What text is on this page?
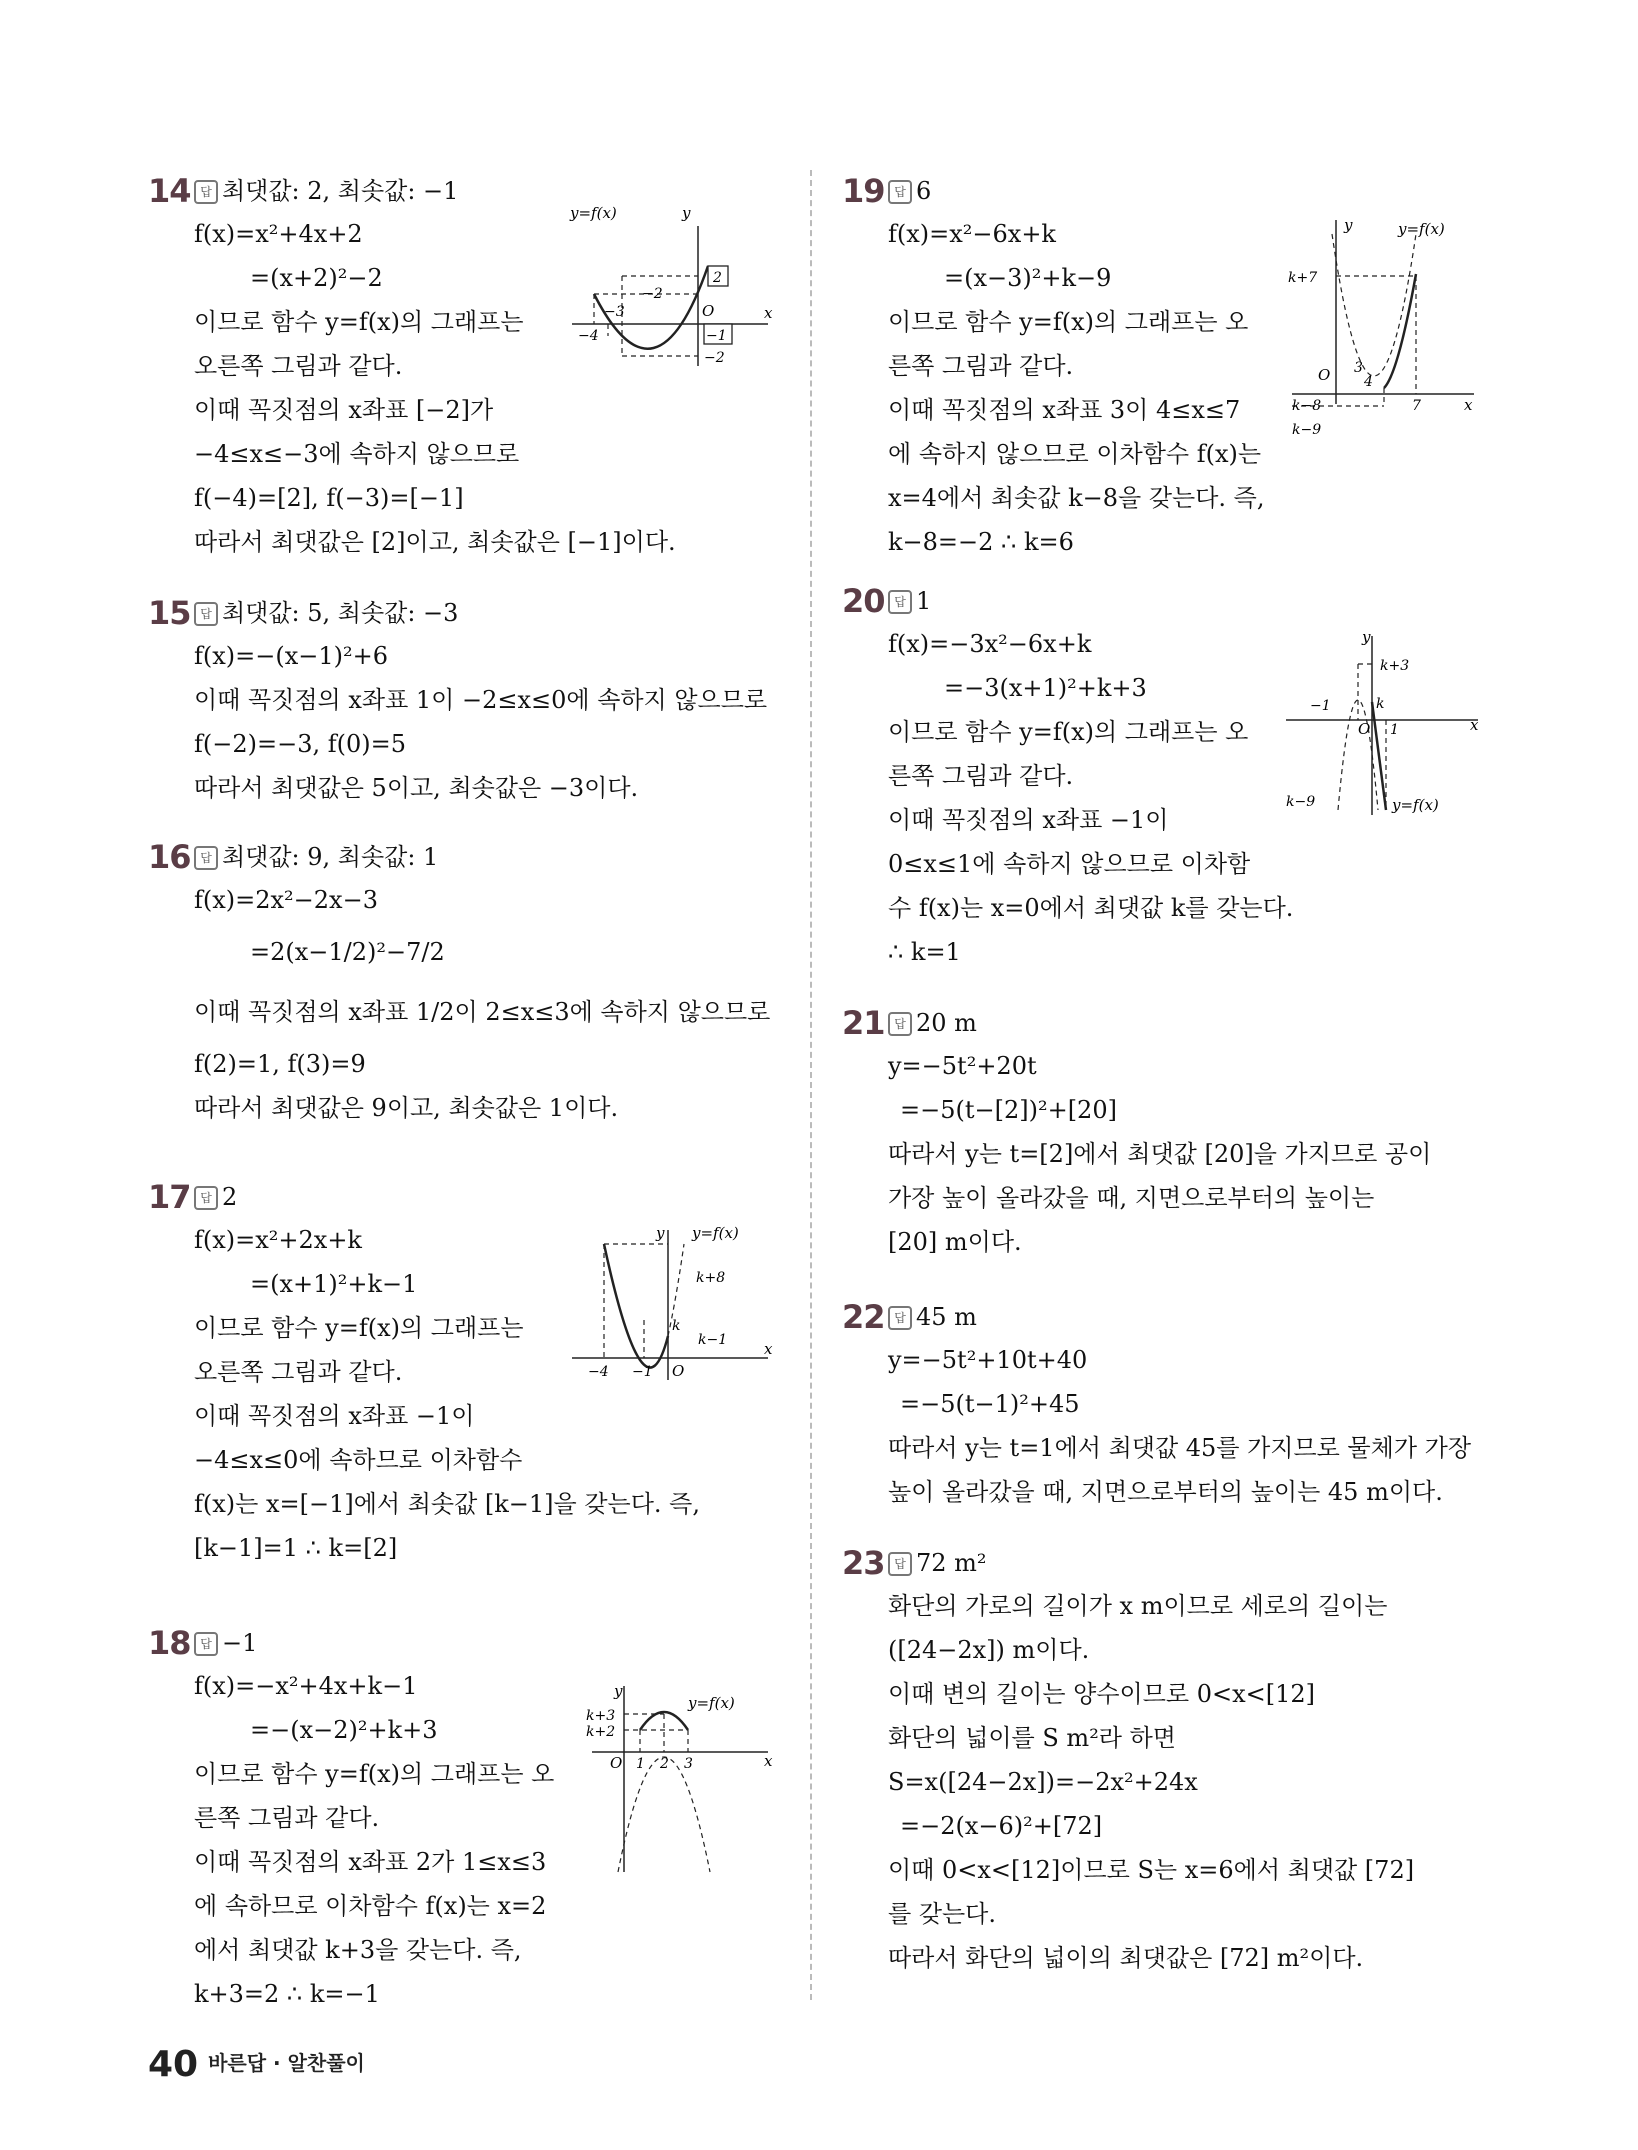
14 답 최댓값: 2, 최솟값: −1
f(x)=x²+4x+2
=(x+2)²−2
이므로 함수 y=f(x)의 그래프는
오른쪽 그림과 같다.
이때 꼭짓점의 x좌표 [−2]가
−4≤x≤−3에 속하지 않으므로
f(−4)=[2], f(−3)=[−1]
따라서 최댓값은 [2]이고, 최솟값은 [−1]이다.
y=f(x)	y
x
O
−4
−3
−2
2
−1
−2
15 답 최댓값: 5, 최솟값: −3
f(x)=−(x−1)²+6
이때 꼭짓점의 x좌표 1이 −2≤x≤0에 속하지 않으므로
f(−2)=−3, f(0)=5
따라서 최댓값은 5이고, 최솟값은 −3이다.
16 답 최댓값: 9, 최솟값: 1
f(x)=2x²−2x−3
=2(x−1/2)²−7/2
이때 꼭짓점의 x좌표 1/2이 2≤x≤3에 속하지 않으므로
f(2)=1, f(3)=9
따라서 최댓값은 9이고, 최솟값은 1이다.
17 답 2
f(x)=x²+2x+k
=(x+1)²+k−1
이므로 함수 y=f(x)의 그래프는
오른쪽 그림과 같다.
이때 꼭짓점의 x좌표 −1이
−4≤x≤0에 속하므로 이차함수
f(x)는 x=[−1]에서 최솟값 [k−1]을 갖는다. 즉,
[k−1]=1 ∴ k=[2]
y=f(x)
y
x
O
−4 −1
k+8
k
k−1
18 답 −1
f(x)=−x²+4x+k−1
=−(x−2)²+k+3
이므로 함수 y=f(x)의 그래프는 오
른쪽 그림과 같다.
이때 꼭짓점의 x좌표 2가 1≤x≤3
에 속하므로 이차함수 f(x)는 x=2
에서 최댓값 k+3을 갖는다. 즉,
k+3=2 ∴ k=−1
y=f(x)
y
x
O 1 2 3
k+3
k+2
19 답 6
f(x)=x²−6x+k
=(x−3)²+k−9
이므로 함수 y=f(x)의 그래프는 오
른쪽 그림과 같다.
이때 꼭짓점의 x좌표 3이 4≤x≤7
에 속하지 않으므로 이차함수 f(x)는
x=4에서 최솟값 k−8을 갖는다. 즉,
k−8=−2 ∴ k=6
y=f(x)
y
x
O 3
4
7
k+7
k−8
k−9
20 답 1
f(x)=−3x²−6x+k
=−3(x+1)²+k+3
이므로 함수 y=f(x)의 그래프는 오
른쪽 그림과 같다.
이때 꼭짓점의 x좌표 −1이
0≤x≤1에 속하지 않으므로 이차함
수 f(x)는 x=0에서 최댓값 k를 갖는다.
∴ k=1
y=f(x)
y
x
O
−1
1
k+3
k
k−9
21 답 20 m
y=−5t²+20t
=−5(t−[2])²+[20]
따라서 y는 t=[2]에서 최댓값 [20]을 가지므로 공이
가장 높이 올라갔을 때, 지면으로부터의 높이는
[20] m이다.
22 답 45 m
y=−5t²+10t+40
=−5(t−1)²+45
따라서 y는 t=1에서 최댓값 45를 가지므로 물체가 가장
높이 올라갔을 때, 지면으로부터의 높이는 45 m이다.
23 답 72 m²
화단의 가로의 길이가 x m이므로 세로의 길이는
([24−2x]) m이다.
이때 변의 길이는 양수이므로 0<x<[12]
화단의 넓이를 S m²라 하면
S=x([24−2x])=−2x²+24x
=−2(x−6)²+[72]
이때 0<x<[12]이므로 S는 x=6에서 최댓값 [72]
를 갖는다.
따라서 화단의 넓이의 최댓값은 [72] m²이다.
40 바른답 · 알찬풀이
